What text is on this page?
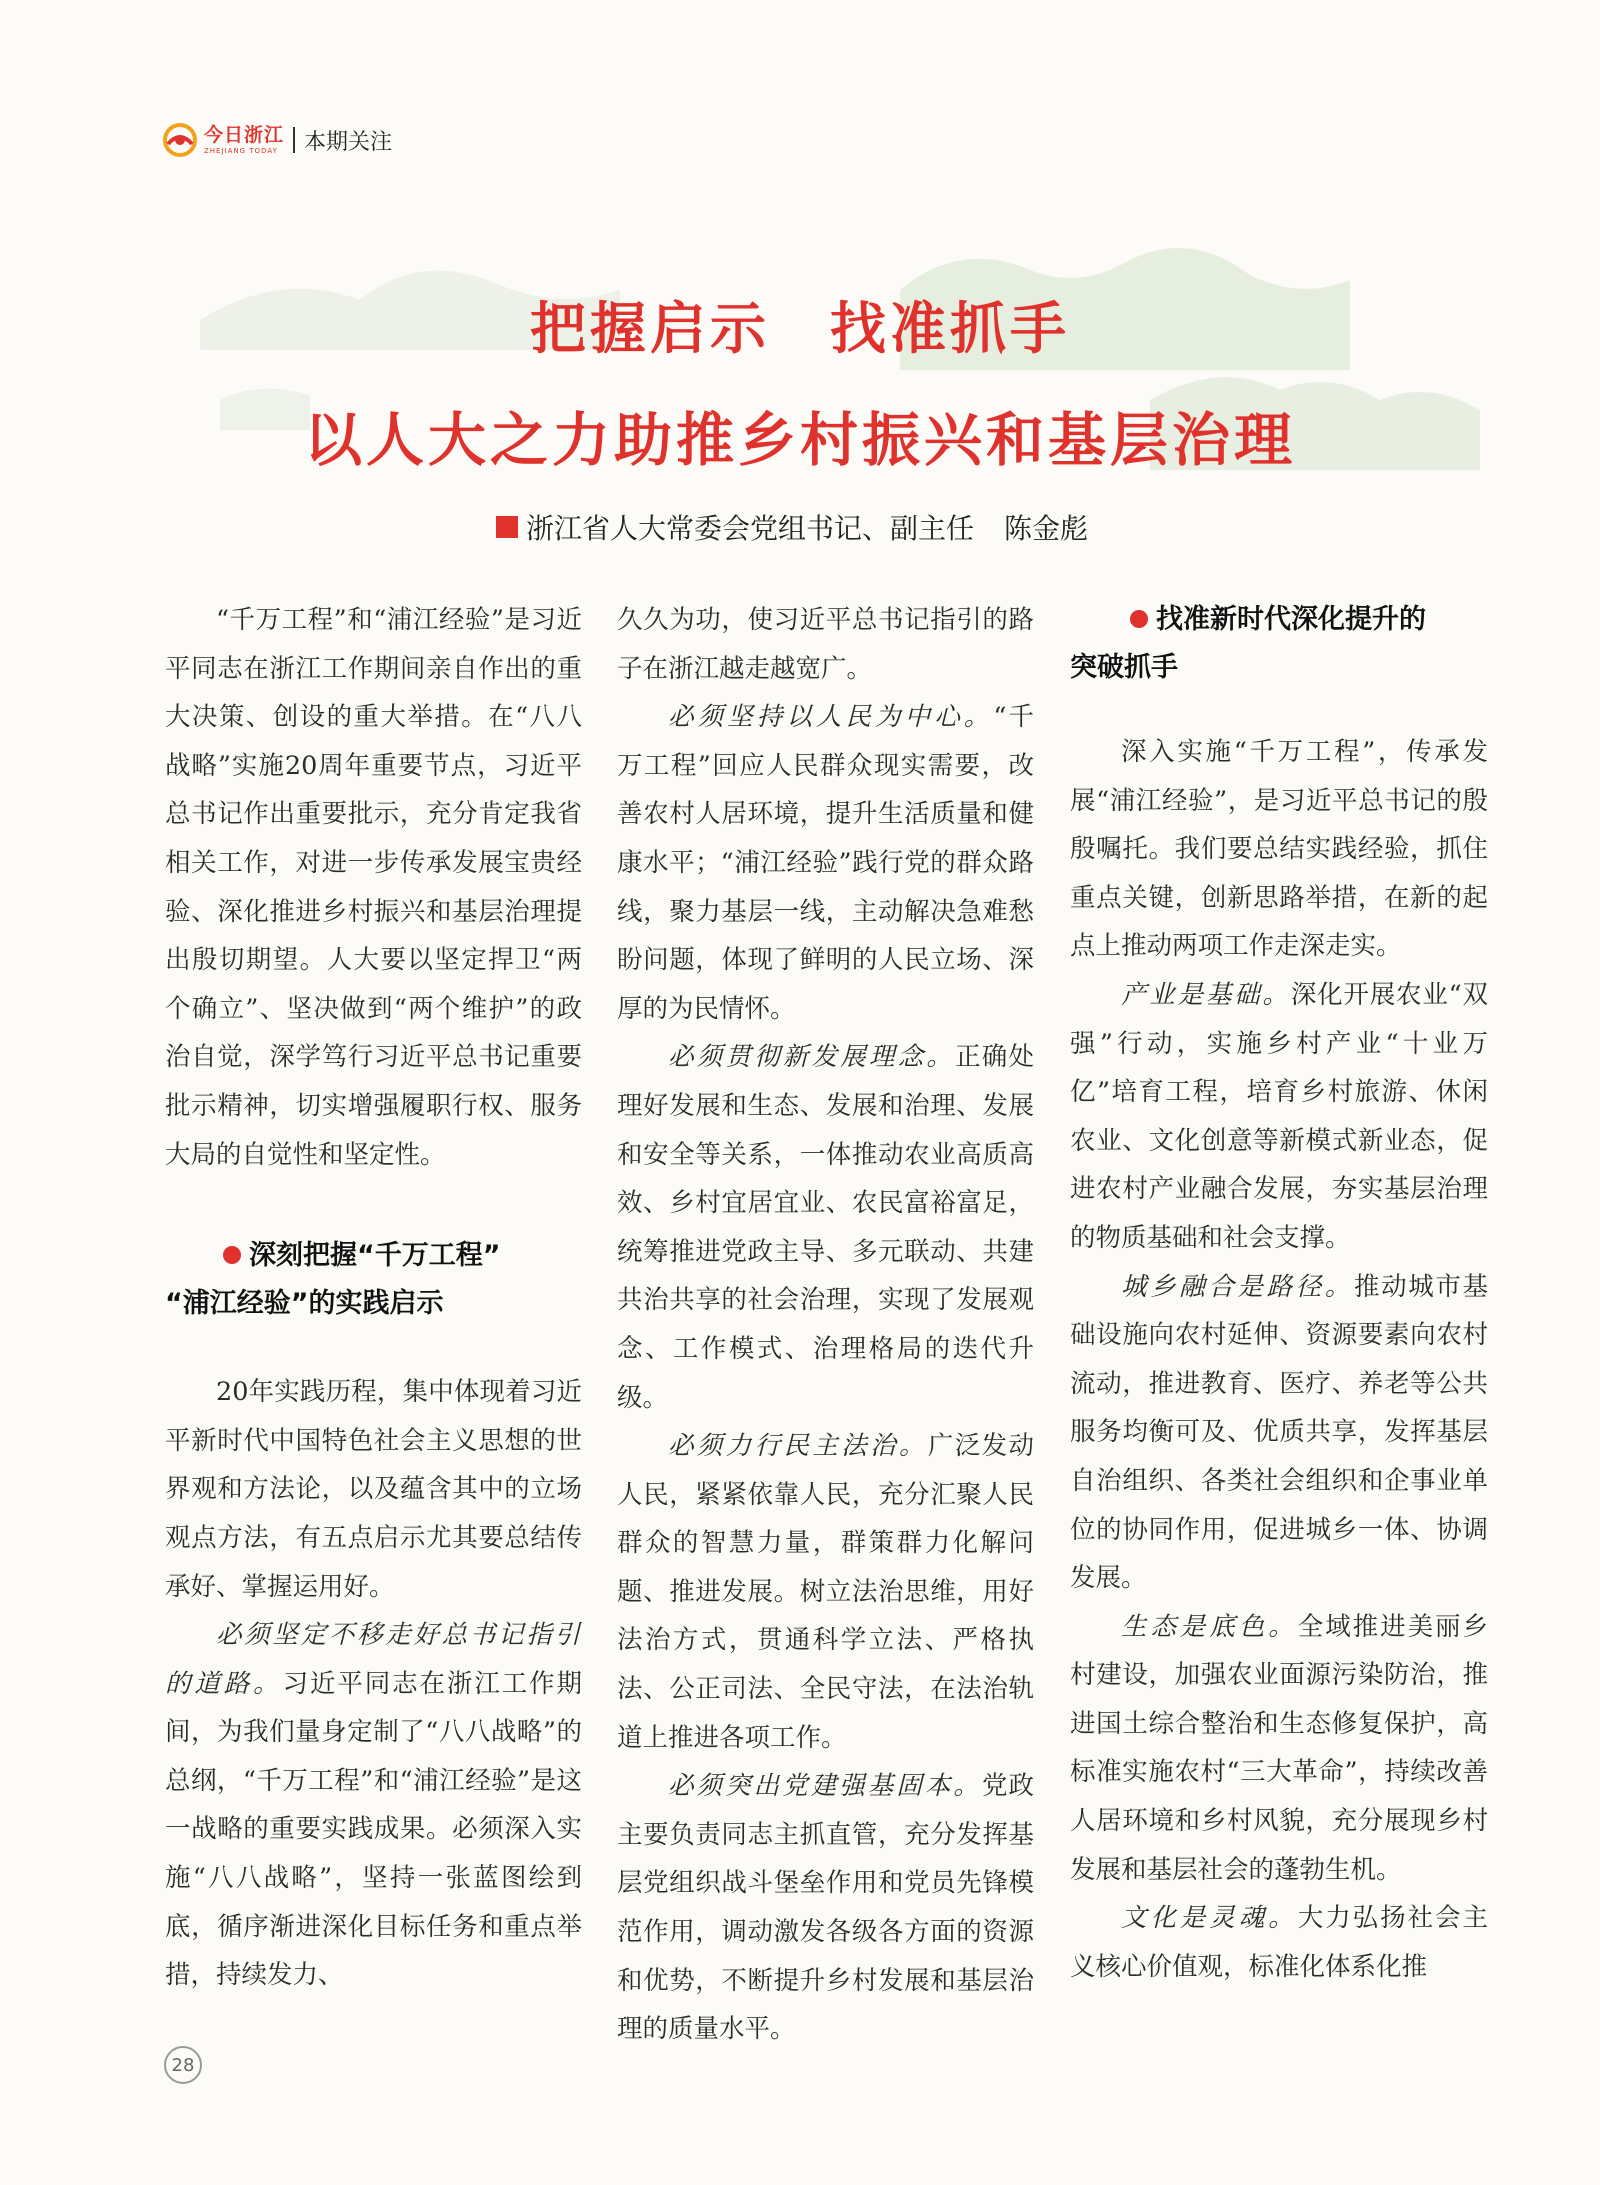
今日浙江
ZHEJIANG TODAY 本期关注
把握启示　找准抓手
以人大之力助推乡村振兴和基层治理
浙江省人大常委会党组书记、副主任 陈金彪

“千万工程”和“浦江经验”是习近平同志在浙江工作期间亲自作出的重大决策、创设的重大举措。在“八八战略”实施20周年重要节点，习近平总书记作出重要批示，充分肯定我省相关工作，对进一步传承发展宝贵经验、深化推进乡村振兴和基层治理提出殷切期望。人大要以坚定捍卫“两个确立”、坚决做到“两个维护”的政治自觉，深学笃行习近平总书记重要批示精神，切实增强履职行权、服务大局的自觉性和坚定性。

深刻把握“千万工程”
“浦江经验”的实践启示

20年实践历程，集中体现着习近平新时代中国特色社会主义思想的世界观和方法论，以及蕴含其中的立场观点方法，有五点启示尤其要总结传承好、掌握运用好。

必须坚定不移走好总书记指引的道路。习近平同志在浙江工作期间，为我们量身定制了“八八战略”的总纲，“千万工程”和“浦江经验”是这一战略的重要实践成果。必须深入实施“八八战略”，坚持一张蓝图绘到底，循序渐进深化目标任务和重点举措，持续发力、

久久为功，使习近平总书记指引的路子在浙江越走越宽广。

必须坚持以人民为中心。“千万工程”回应人民群众现实需要，改善农村人居环境，提升生活质量和健康水平；“浦江经验”践行党的群众路线，聚力基层一线，主动解决急难愁盼问题，体现了鲜明的人民立场、深厚的为民情怀。

必须贯彻新发展理念。正确处理好发展和生态、发展和治理、发展和安全等关系，一体推动农业高质高效、乡村宜居宜业、农民富裕富足，统筹推进党政主导、多元联动、共建共治共享的社会治理，实现了发展观念、工作模式、治理格局的迭代升级。

必须力行民主法治。广泛发动人民，紧紧依靠人民，充分汇聚人民群众的智慧力量，群策群力化解问题、推进发展。树立法治思维，用好法治方式，贯通科学立法、严格执法、公正司法、全民守法，在法治轨道上推进各项工作。

必须突出党建强基固本。党政主要负责同志主抓直管，充分发挥基层党组织战斗堡垒作用和党员先锋模范作用，调动激发各级各方面的资源和优势，不断提升乡村发展和基层治理的质量水平。

找准新时代深化提升的
突破抓手

深入实施“千万工程”，传承发展“浦江经验”，是习近平总书记的殷殷嘱托。我们要总结实践经验，抓住重点关键，创新思路举措，在新的起点上推动两项工作走深走实。

产业是基础。深化开展农业“双强”行动，实施乡村产业“十业万亿”培育工程，培育乡村旅游、休闲农业、文化创意等新模式新业态，促进农村产业融合发展，夯实基层治理的物质基础和社会支撑。

城乡融合是路径。推动城市基础设施向农村延伸、资源要素向农村流动，推进教育、医疗、养老等公共服务均衡可及、优质共享，发挥基层自治组织、各类社会组织和企事业单位的协同作用，促进城乡一体、协调发展。

生态是底色。全域推进美丽乡村建设，加强农业面源污染防治，推进国土综合整治和生态修复保护，高标准实施农村“三大革命”，持续改善人居环境和乡村风貌，充分展现乡村发展和基层社会的蓬勃生机。

文化是灵魂。大力弘扬社会主义核心价值观，标准化体系化推

28
